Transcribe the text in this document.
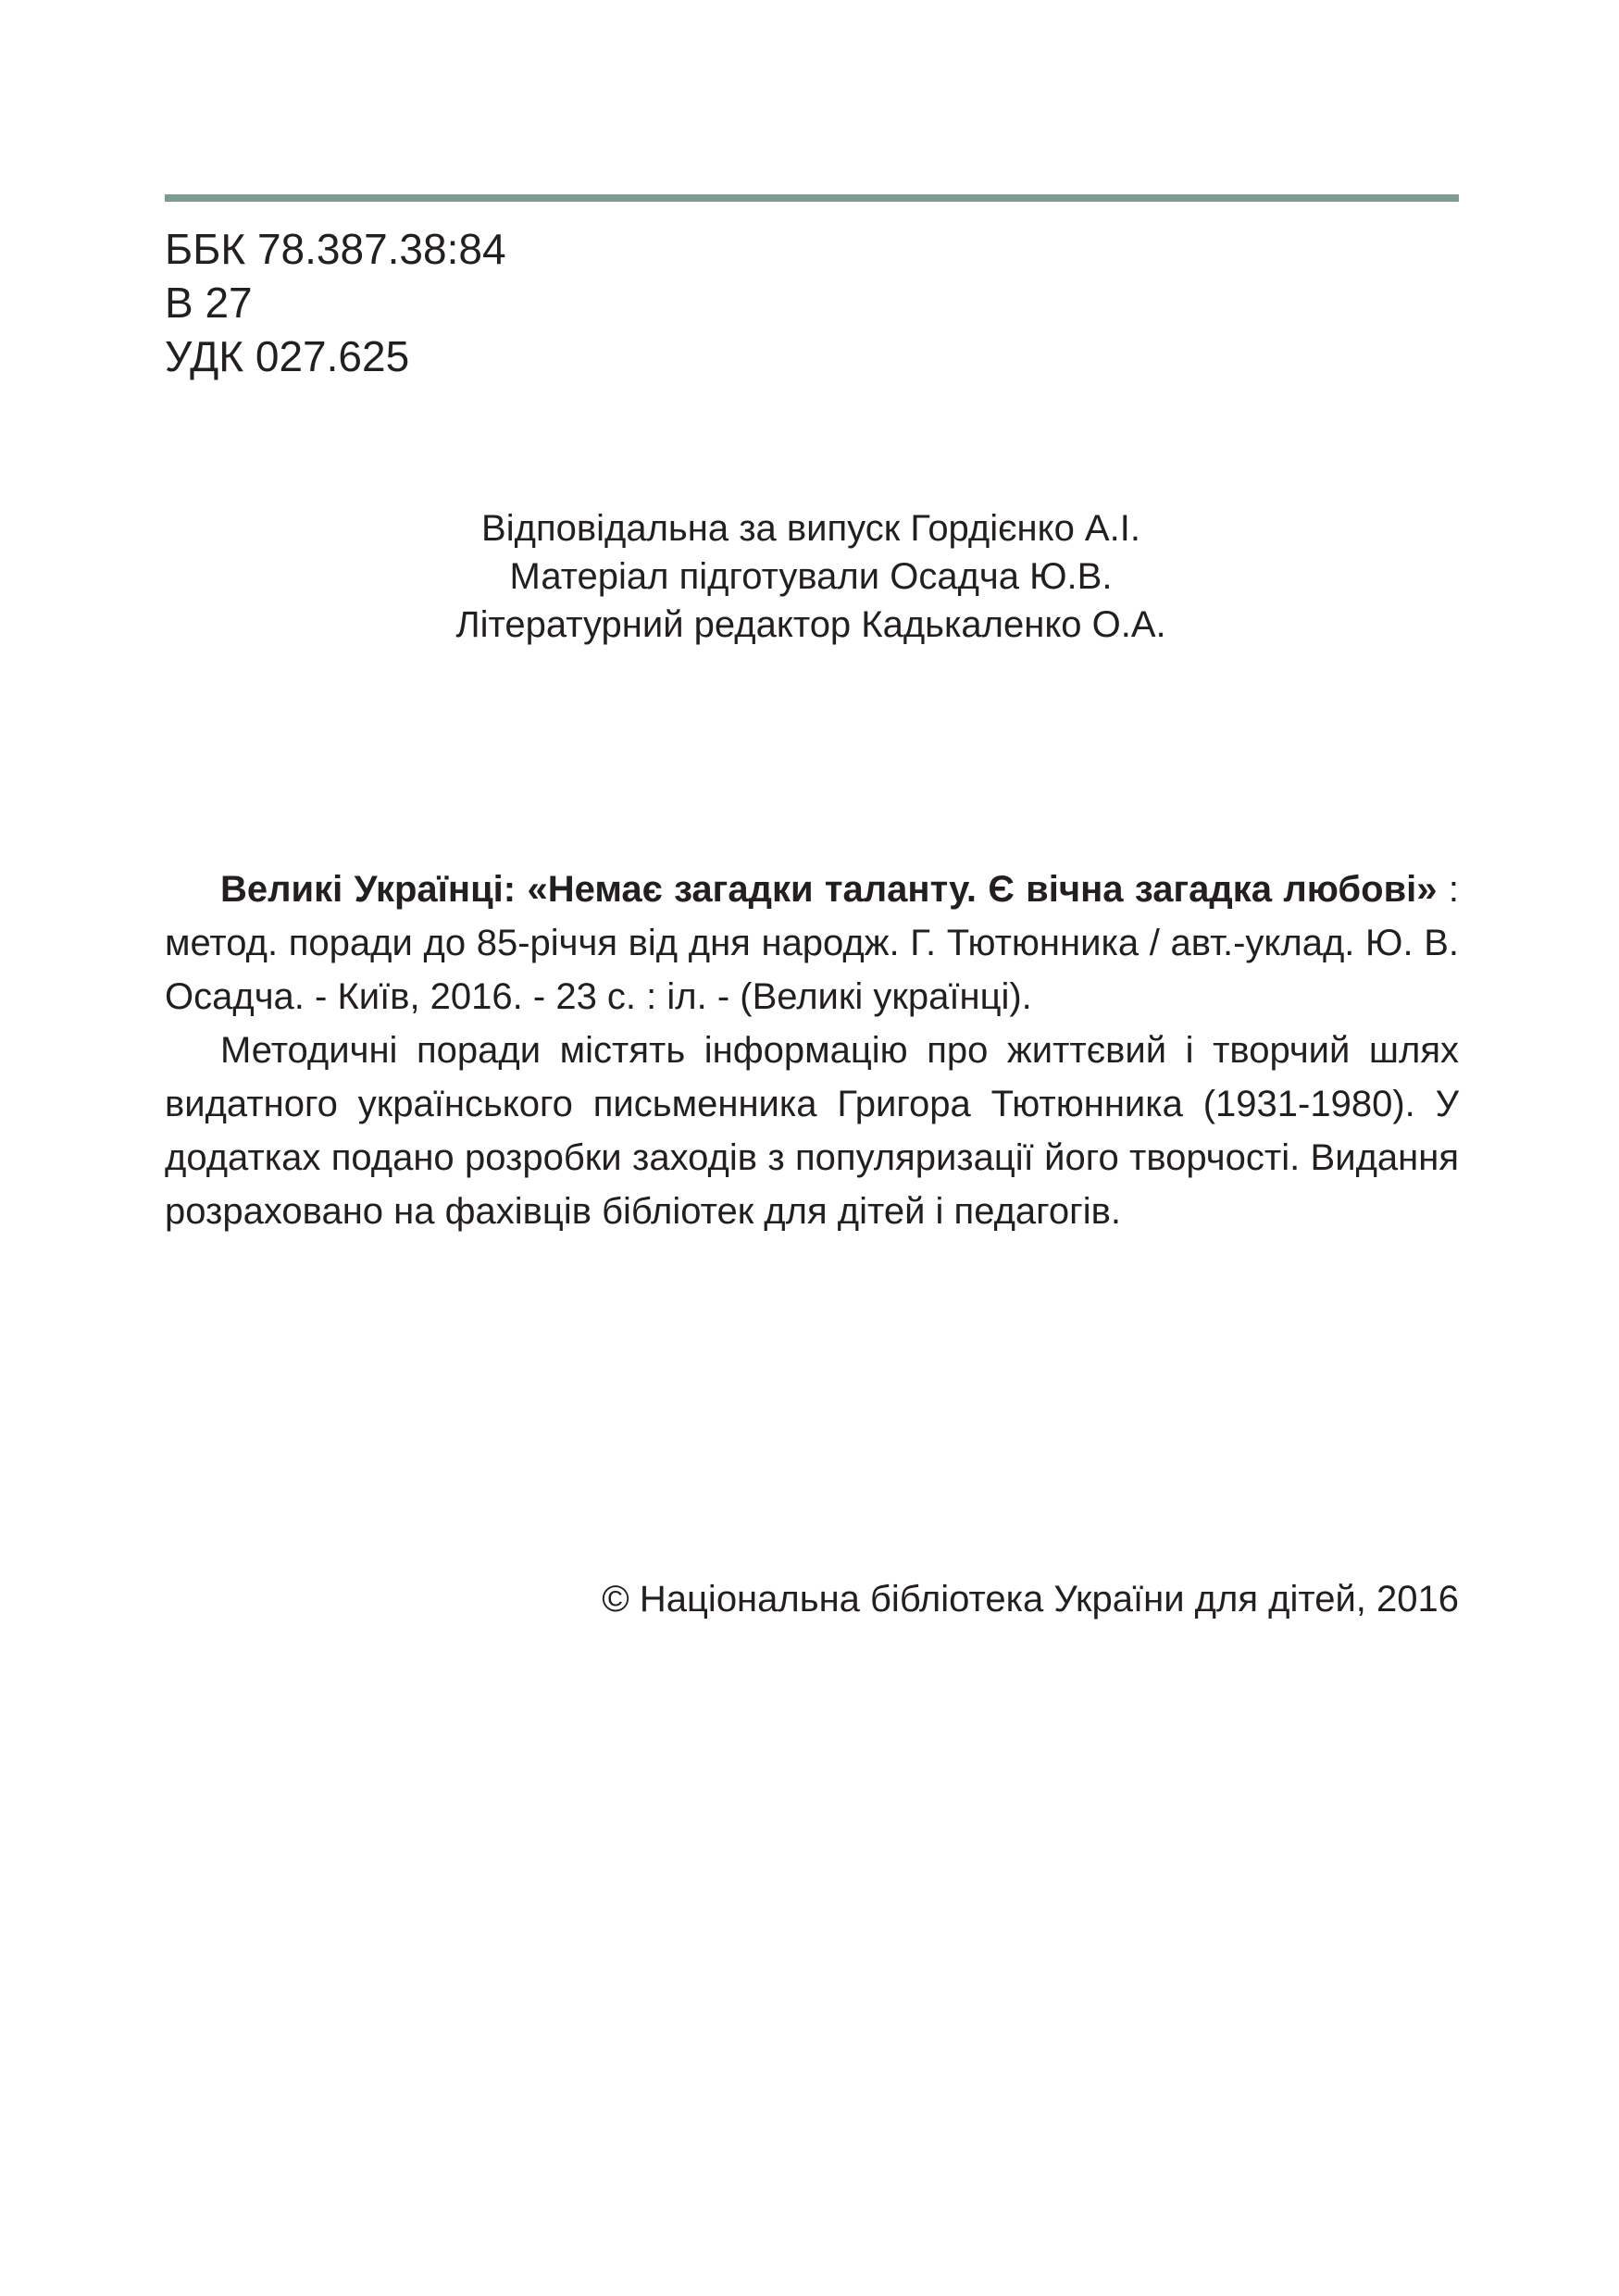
ББК 78.387.38:84
В 27
УДК 027.625
Відповідальна за випуск Гордієнко А.І.
Матеріал підготували Осадча Ю.В.
Літературний редактор Кадькаленко О.А.

Великі Українці: «Немає загадки таланту. Є вічна загадка любові» : метод. поради до 85-річчя від дня народж. Г. Тютюнника / авт.-уклад. Ю. В. Осадча. - Київ, 2016. - 23 с. : іл. - (Великі українці).

Методичні поради містять інформацію про життєвий і творчий шлях видатного українського письменника Григора Тютюнника (1931-1980). У додатках подано розробки заходів з популяризації його творчості. Видання розраховано на фахівців бібліотек для дітей і педагогів.

© Національна бібліотека України для дітей, 2016
